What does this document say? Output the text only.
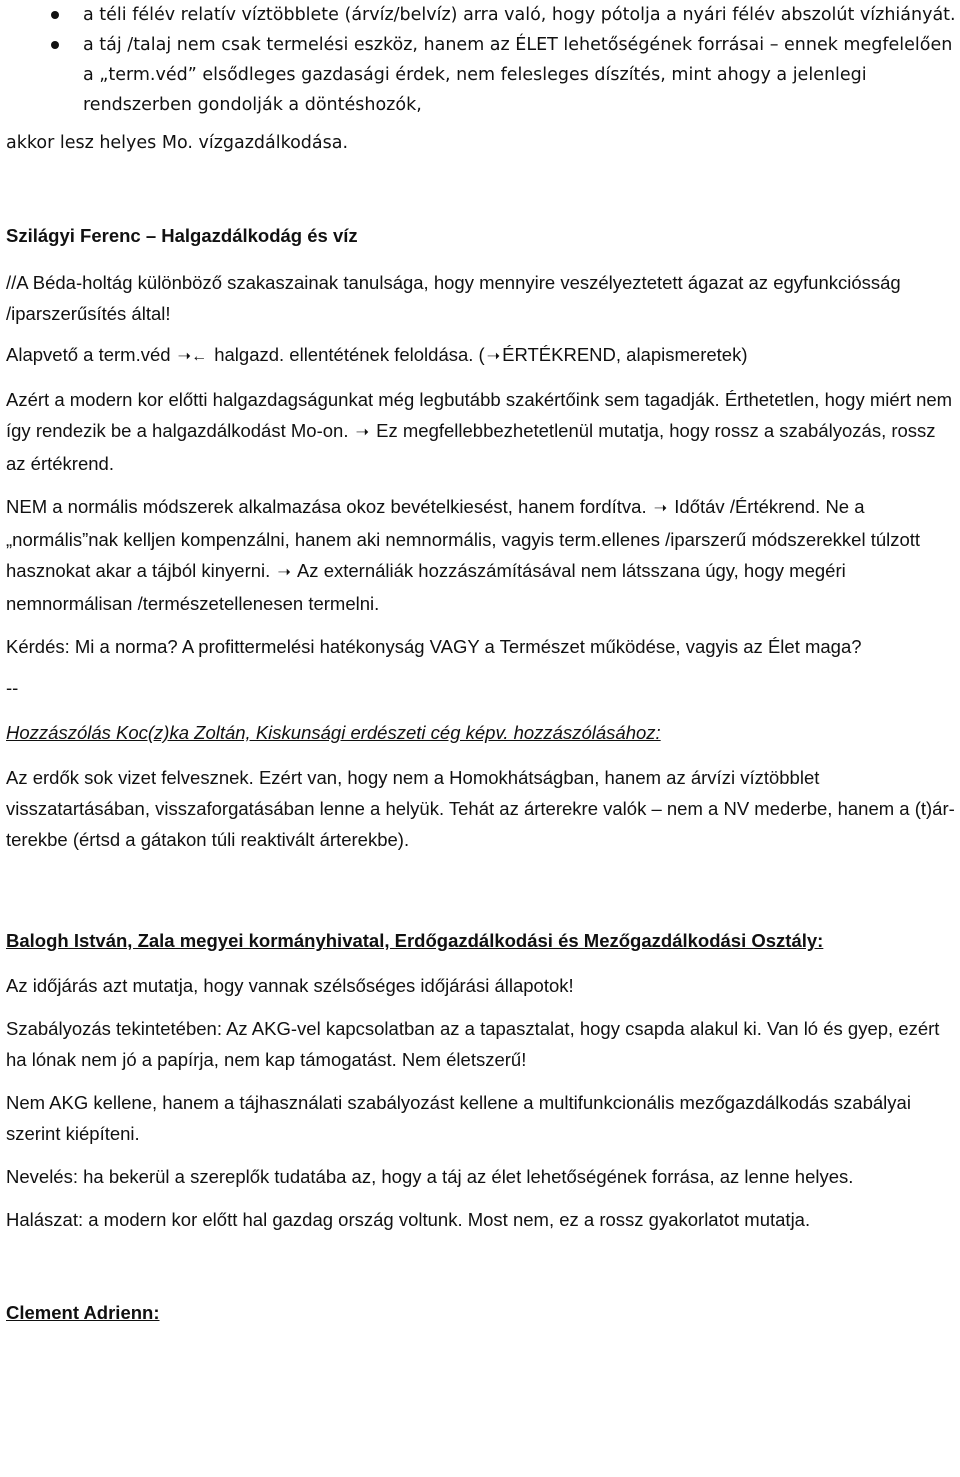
a téli félév relatív víztöbblete (árvíz/belvíz) arra való, hogy pótolja a nyári félév abszolút vízhiányát.
a táj /talaj nem csak termelési eszköz, hanem az ÉLET lehetőségének forrásai – ennek megfelelően a „term.véd” elsődleges gazdasági érdek, nem felesleges díszítés, mint ahogy a jelenlegi rendszerben gondolják a döntéshozók,

akkor lesz helyes Mo. vízgazdálkodása.

Szilágyi Ferenc – Halgazdálkodág és víz

//A Béda-holtág különböző szakaszainak tanulsága, hogy mennyire veszélyeztetett ágazat az egyfunkciósság /iparszerűsítés által!

Alapvető a term.véd ➝← halgazd. ellentétének feloldása. ( ➝ ÉRTÉKREND, alapismeretek)

Azért a modern kor előtti halgazdagságunkat még legbutább szakértőink sem tagadják. Érthetetlen, hogy miért nem így rendezik be a halgazdálkodást Mo-on. ➝ Ez megfellebbezhetetlenül mutatja, hogy rossz a szabályozás, rossz az értékrend.

NEM a normális módszerek alkalmazása okoz bevételkiesést, hanem fordítva. ➝ Időtáv /Értékrend. Ne a „normális”nak kelljen kompenzálni, hanem aki nemnormális, vagyis term.ellenes /iparszerű módszerekkel túlzott hasznokat akar a tájból kinyerni. ➝ Az externáliák hozzászámításával nem látsszana úgy, hogy megéri nemnormálisan /természetellenesen termelni.

Kérdés: Mi a norma? A profittermelési hatékonyság VAGY a Természet működése, vagyis az Élet maga?

--

Hozzászólás Koc(z)ka Zoltán, Kiskunsági erdészeti cég képv. hozzászólásához:

Az erdők sok vizet felvesznek. Ezért van, hogy nem a Homokhátságban, hanem az árvízi víztöbblet visszatartásában, visszaforgatásában lenne a helyük. Tehát az árterekre valók – nem a NV mederbe, hanem a (t)ár-terekbe (értsd a gátakon túli reaktivált árterekbe).

Balogh István, Zala megyei kormányhivatal, Erdőgazdálkodási és Mezőgazdálkodási Osztály:

Az időjárás azt mutatja, hogy vannak szélsőséges időjárási állapotok!

Szabályozás tekintetében: Az AKG-vel kapcsolatban az a tapasztalat, hogy csapda alakul ki. Van ló és gyep, ezért ha lónak nem jó a papírja, nem kap támogatást. Nem életszerű!

Nem AKG kellene, hanem a tájhasználati szabályozást kellene a multifunkcionális mezőgazdálkodás szabályai szerint kiépíteni.

Nevelés: ha bekerül a szereplők tudatába az, hogy a táj az élet lehetőségének forrása, az lenne helyes.

Halászat: a modern kor előtt hal gazdag ország voltunk. Most nem, ez a rossz gyakorlatot mutatja.

Clement Adrienn:
